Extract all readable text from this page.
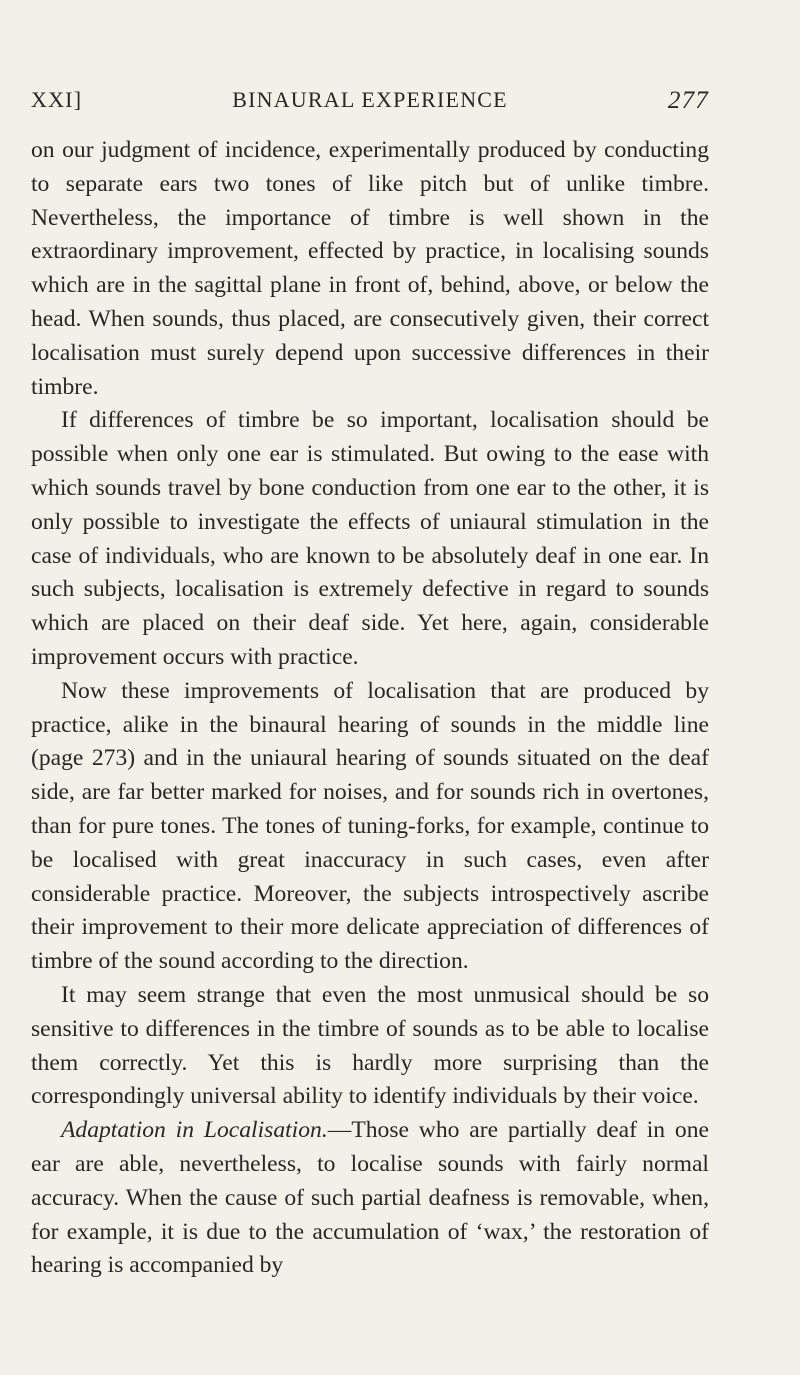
XXI]	BINAURAL EXPERIENCE	277

on our judgment of incidence, experimentally produced by conducting to separate ears two tones of like pitch but of unlike timbre. Nevertheless, the importance of timbre is well shown in the extraordinary improvement, effected by practice, in localising sounds which are in the sagittal plane in front of, behind, above, or below the head. When sounds, thus placed, are consecutively given, their correct localisation must surely depend upon successive differences in their timbre.

If differences of timbre be so important, localisation should be possible when only one ear is stimulated. But owing to the ease with which sounds travel by bone conduction from one ear to the other, it is only possible to investigate the effects of uniaural stimulation in the case of individuals, who are known to be absolutely deaf in one ear. In such subjects, localisation is extremely defective in regard to sounds which are placed on their deaf side. Yet here, again, considerable improvement occurs with practice.

Now these improvements of localisation that are produced by practice, alike in the binaural hearing of sounds in the middle line (page 273) and in the uniaural hearing of sounds situated on the deaf side, are far better marked for noises, and for sounds rich in overtones, than for pure tones. The tones of tuning-forks, for example, continue to be localised with great inaccuracy in such cases, even after considerable practice. Moreover, the subjects introspectively ascribe their improvement to their more delicate appreciation of differences of timbre of the sound according to the direction.

It may seem strange that even the most unmusical should be so sensitive to differences in the timbre of sounds as to be able to localise them correctly. Yet this is hardly more surprising than the correspondingly universal ability to identify individuals by their voice.

Adaptation in Localisation.—Those who are partially deaf in one ear are able, nevertheless, to localise sounds with fairly normal accuracy. When the cause of such partial deafness is removable, when, for example, it is due to the accumulation of ‘wax,’ the restoration of hearing is accompanied by
